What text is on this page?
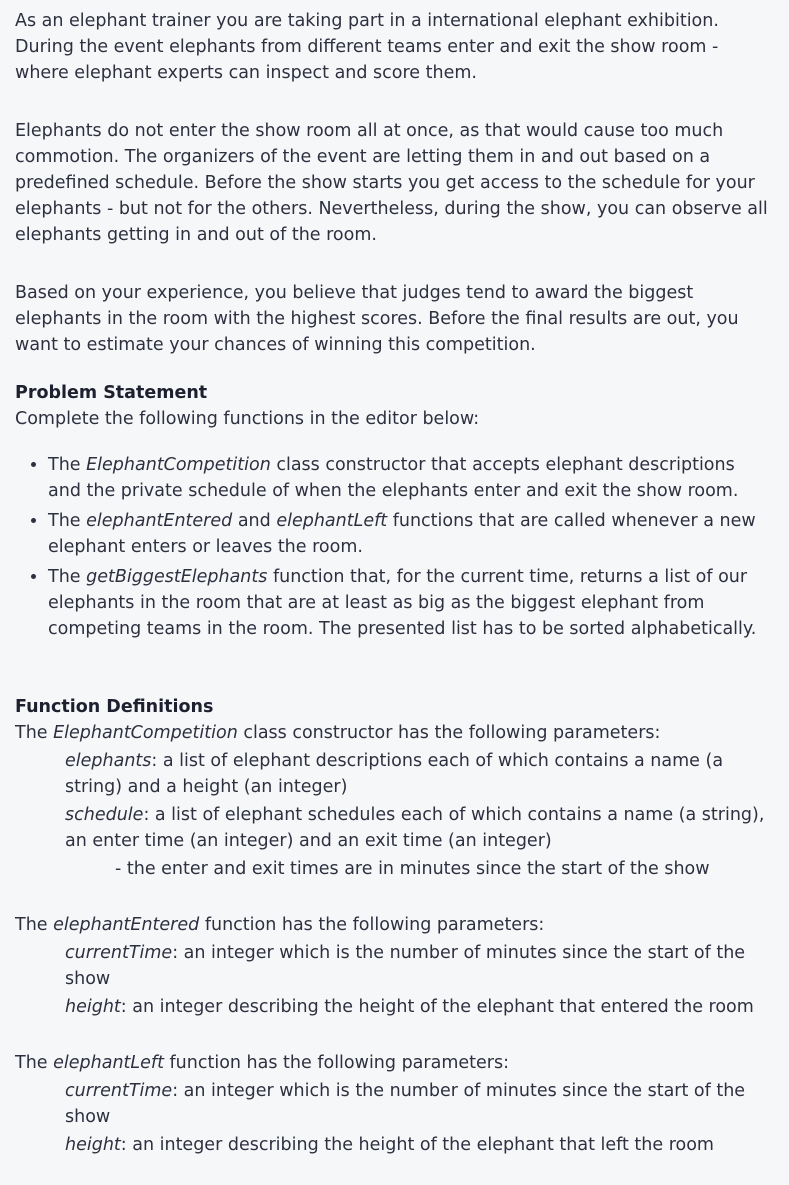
As an elephant trainer you are taking part in a international elephant exhibition. During the event elephants from different teams enter and exit the show room - where elephant experts can inspect and score them.

Elephants do not enter the show room all at once, as that would cause too much commotion. The organizers of the event are letting them in and out based on a predefined schedule. Before the show starts you get access to the schedule for your elephants - but not for the others. Nevertheless, during the show, you can observe all elephants getting in and out of the room.

Based on your experience, you believe that judges tend to award the biggest elephants in the room with the highest scores. Before the final results are out, you want to estimate your chances of winning this competition.

Problem Statement

Complete the following functions in the editor below:

• The ElephantCompetition class constructor that accepts elephant descriptions and the private schedule of when the elephants enter and exit the show room.
• The elephantEntered and elephantLeft functions that are called whenever a new elephant enters or leaves the room.
• The getBiggestElephants function that, for the current time, returns a list of our elephants in the room that are at least as big as the biggest elephant from competing teams in the room. The presented list has to be sorted alphabetically.

Function Definitions

The ElephantCompetition class constructor has the following parameters:

elephants: a list of elephant descriptions each of which contains a name (a string) and a height (an integer)

schedule: a list of elephant schedules each of which contains a name (a string), an enter time (an integer) and an exit time (an integer)

- the enter and exit times are in minutes since the start of the show

The elephantEntered function has the following parameters:

currentTime: an integer which is the number of minutes since the start of the show

height: an integer describing the height of the elephant that entered the room

The elephantLeft function has the following parameters:

currentTime: an integer which is the number of minutes since the start of the show

height: an integer describing the height of the elephant that left the room
